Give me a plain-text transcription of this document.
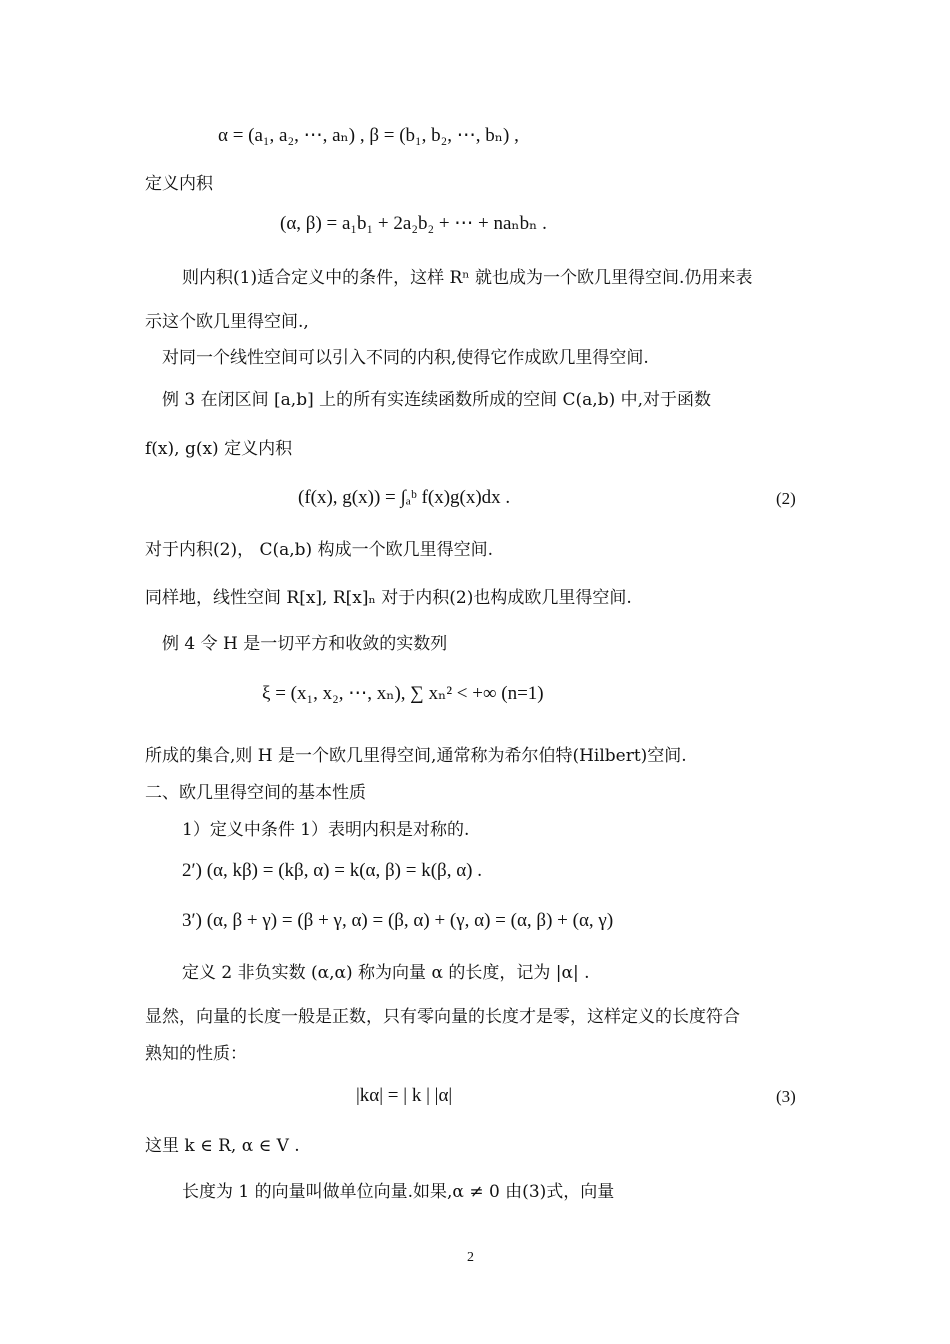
α = (a₁, a₂, ⋯, aₙ) , β = (b₁, b₂, ⋯, bₙ) ,
定义内积
(α, β) = a₁b₁ + 2a₂b₂ + ⋯ + naₙbₙ .
则内积(1)适合定义中的条件，这样 Rⁿ 就也成为一个欧几里得空间.仍用来表
示这个欧几里得空间.,
对同一个线性空间可以引入不同的内积,使得它作成欧几里得空间.
例 3 在闭区间 [a,b] 上的所有实连续函数所成的空间 C(a,b) 中,对于函数
f(x), g(x) 定义内积
(f(x), g(x)) = ∫ₐᵇ f(x)g(x)dx .	(2)
对于内积(2)， C(a,b) 构成一个欧几里得空间.
同样地，线性空间 R[x], R[x]ₙ 对于内积(2)也构成欧几里得空间.
例 4 令 H 是一切平方和收敛的实数列
ξ = (x₁, x₂, ⋯, xₙ), ∑ xₙ² < +∞ (n=1)
所成的集合,则 H 是一个欧几里得空间,通常称为希尔伯特(Hilbert)空间.
二、欧几里得空间的基本性质
1）定义中条件 1）表明内积是对称的.
2′) (α, kβ) = (kβ, α) = k(α, β) = k(β, α) .
3′) (α, β + γ) = (β + γ, α) = (β, α) + (γ, α) = (α, β) + (α, γ)
定义 2 非负实数 (α,α) 称为向量 α 的长度，记为 |α| .
显然，向量的长度一般是正数，只有零向量的长度才是零，这样定义的长度符合
熟知的性质：
|kα| = | k | |α|	(3)
这里 k ∈ R, α ∈ V .
长度为 1 的向量叫做单位向量.如果,α ≠ 0 由(3)式，向量
2
